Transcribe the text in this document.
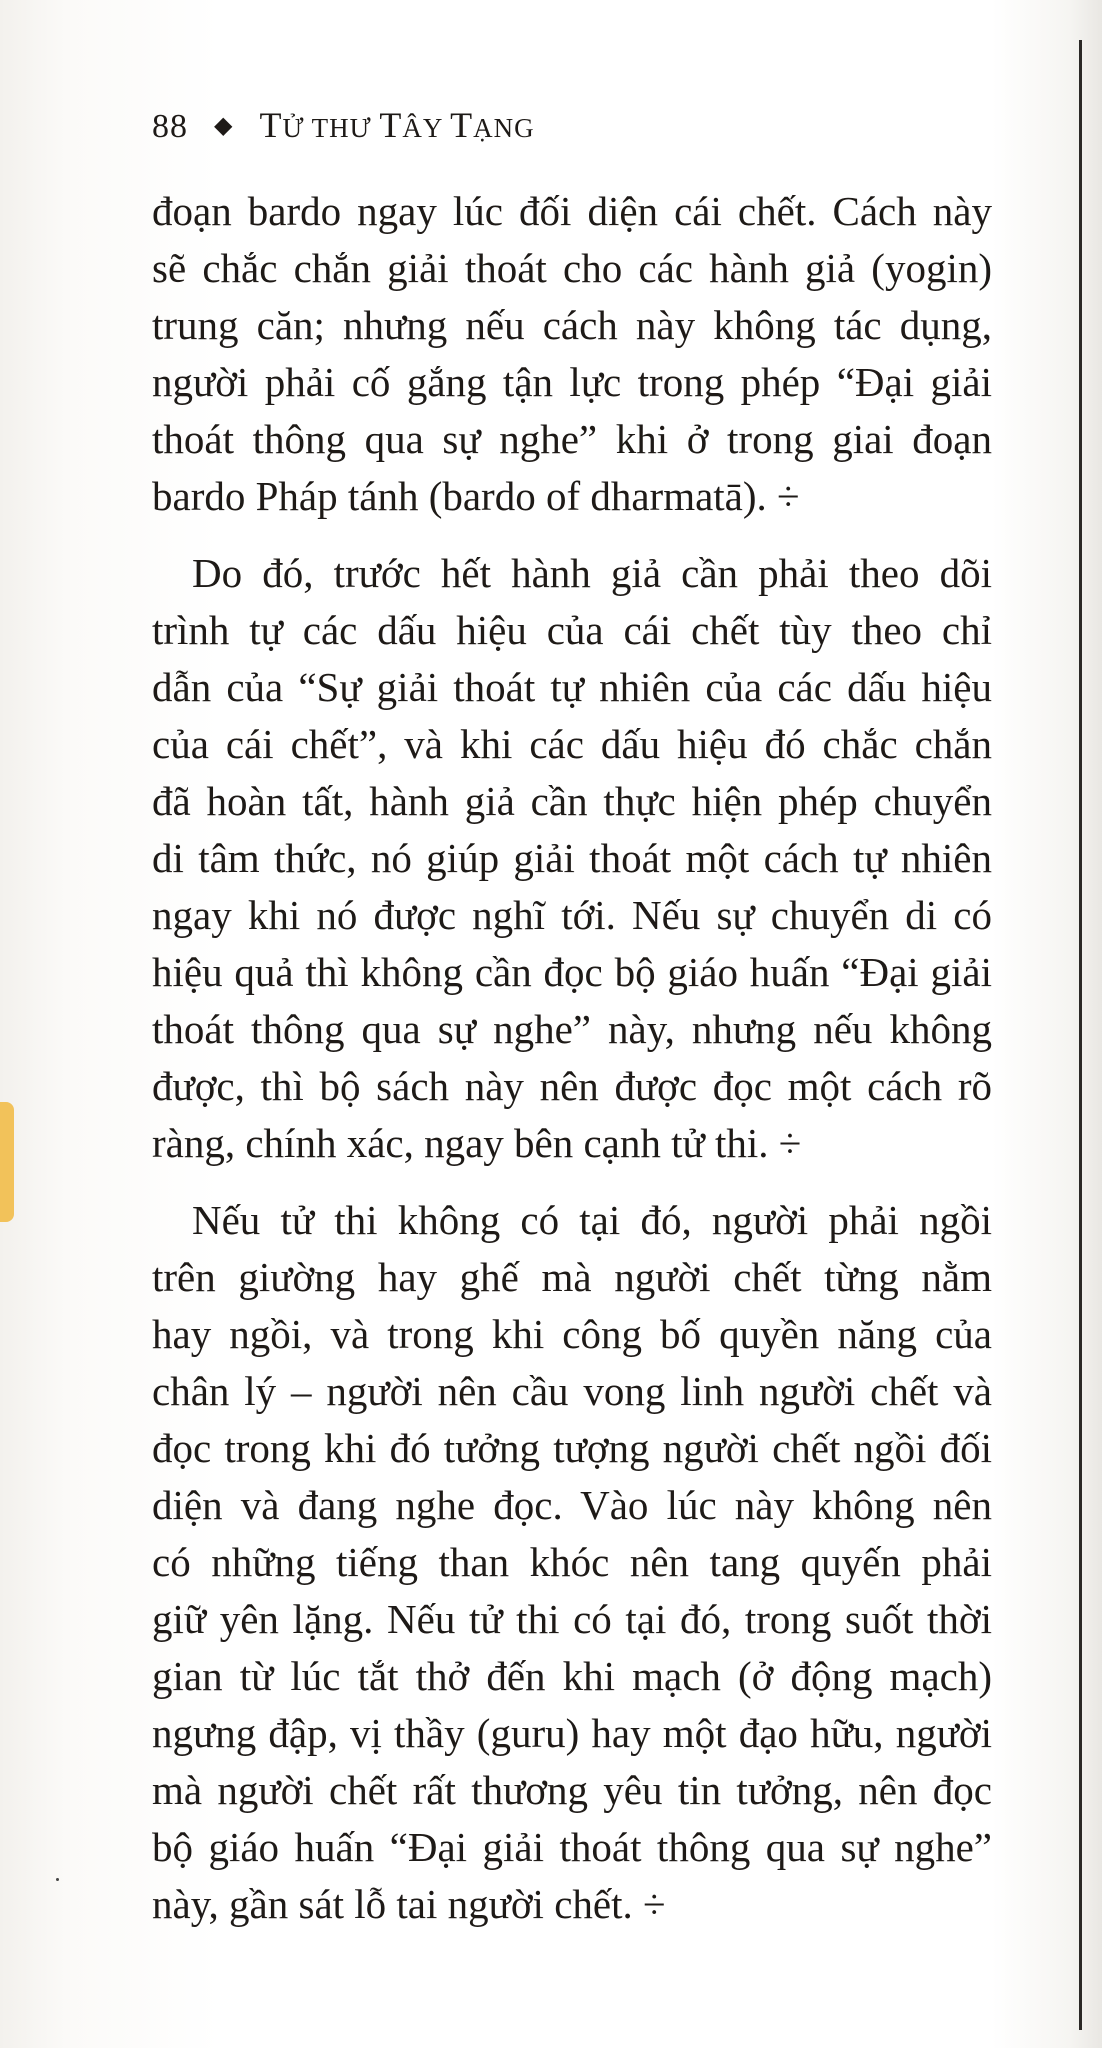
88 ◆ TỬ THƯ TÂY TẠNG

đoạn bardo ngay lúc đối diện cái chết. Cách này
sẽ chắc chắn giải thoát cho các hành giả (yogin)
trung căn; nhưng nếu cách này không tác dụng,
người phải cố gắng tận lực trong phép “Đại giải
thoát thông qua sự nghe” khi ở trong giai đoạn
bardo Pháp tánh (bardo of dharmatā). ÷

Do đó, trước hết hành giả cần phải theo dõi
trình tự các dấu hiệu của cái chết tùy theo chỉ
dẫn của “Sự giải thoát tự nhiên của các dấu hiệu
của cái chết”, và khi các dấu hiệu đó chắc chắn
đã hoàn tất, hành giả cần thực hiện phép chuyển
di tâm thức, nó giúp giải thoát một cách tự nhiên
ngay khi nó được nghĩ tới. Nếu sự chuyển di có
hiệu quả thì không cần đọc bộ giáo huấn “Đại giải
thoát thông qua sự nghe” này, nhưng nếu không
được, thì bộ sách này nên được đọc một cách rõ
ràng, chính xác, ngay bên cạnh tử thi. ÷

Nếu tử thi không có tại đó, người phải ngồi
trên giường hay ghế mà người chết từng nằm
hay ngồi, và trong khi công bố quyền năng của
chân lý – người nên cầu vong linh người chết và
đọc trong khi đó tưởng tượng người chết ngồi đối
diện và đang nghe đọc. Vào lúc này không nên
có những tiếng than khóc nên tang quyến phải
giữ yên lặng. Nếu tử thi có tại đó, trong suốt thời
gian từ lúc tắt thở đến khi mạch (ở động mạch)
ngưng đập, vị thầy (guru) hay một đạo hữu, người
mà người chết rất thương yêu tin tưởng, nên đọc
bộ giáo huấn “Đại giải thoát thông qua sự nghe”
này, gần sát lỗ tai người chết. ÷
